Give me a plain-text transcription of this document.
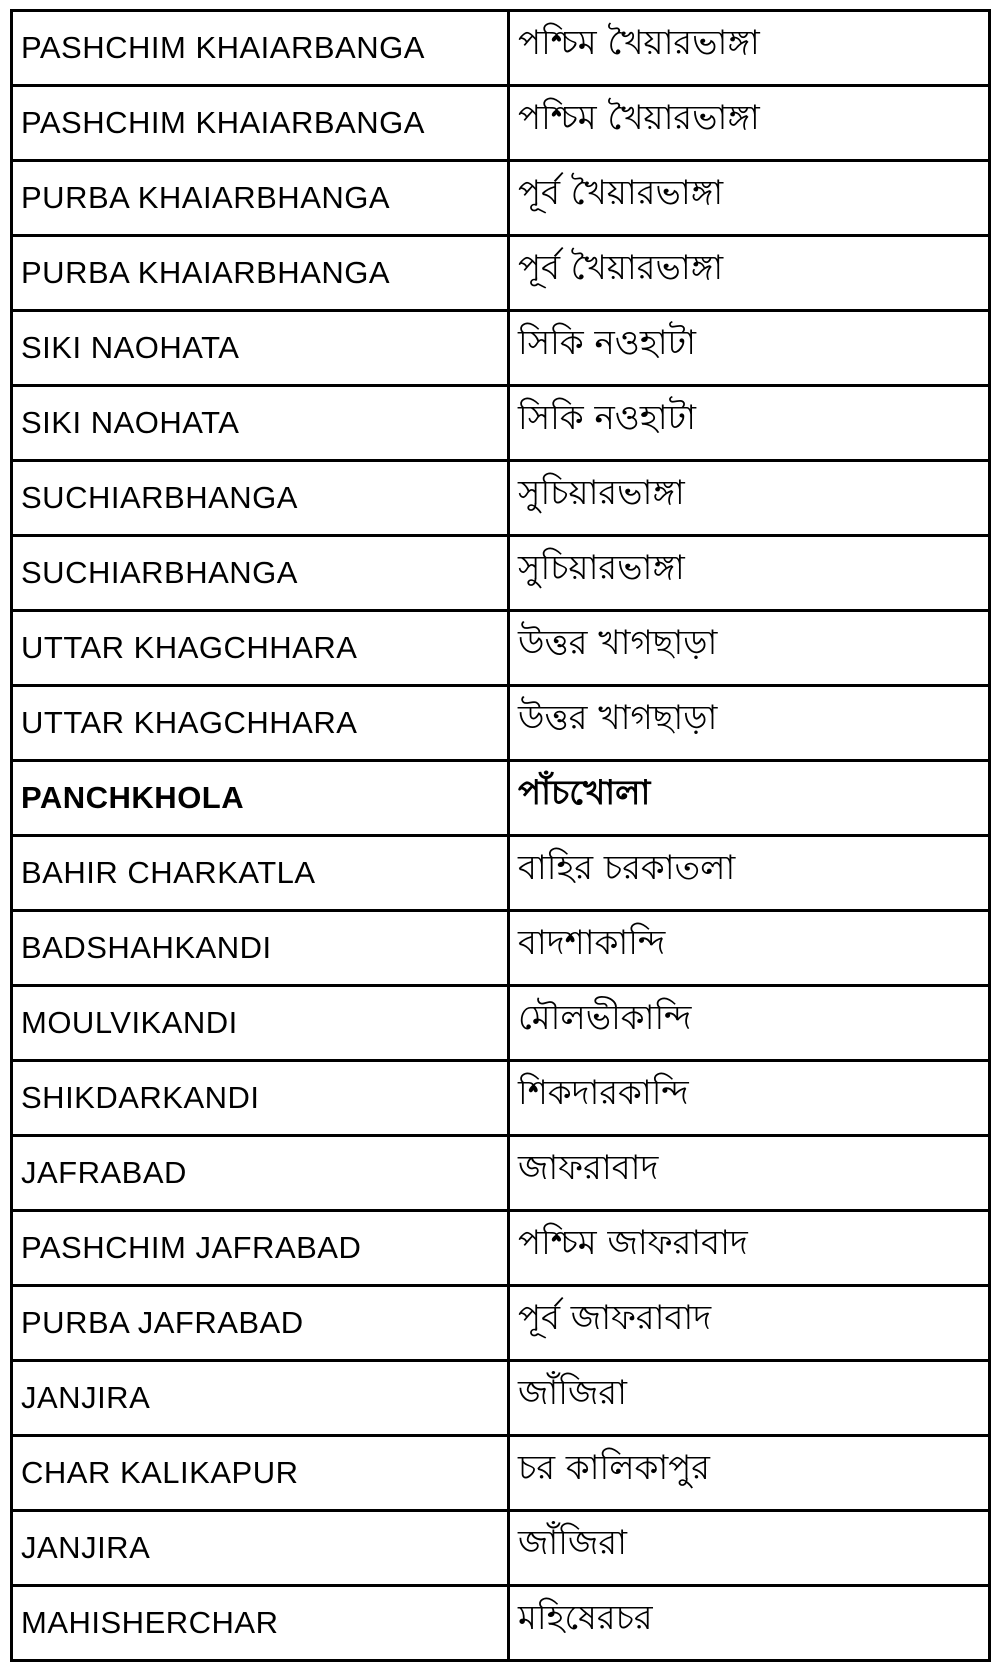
PASHCHIM KHAIARBANGA	পশ্চিম খৈয়ারভাঙ্গা
PASHCHIM KHAIARBANGA	পশ্চিম খৈয়ারভাঙ্গা
PURBA KHAIARBHANGA	পূর্ব খৈয়ারভাঙ্গা
PURBA KHAIARBHANGA	পূর্ব খৈয়ারভাঙ্গা
SIKI NAOHATA	সিকি নওহাটা
SIKI NAOHATA	সিকি নওহাটা
SUCHIARBHANGA	সুচিয়ারভাঙ্গা
SUCHIARBHANGA	সুচিয়ারভাঙ্গা
UTTAR KHAGCHHARA	উত্তর খাগছাড়া
UTTAR KHAGCHHARA	উত্তর খাগছাড়া
PANCHKHOLA	পাঁচখোলা
BAHIR CHARKATLA	বাহির চরকাতলা
BADSHAHKANDI	বাদশাকান্দি
MOULVIKANDI	মৌলভীকান্দি
SHIKDARKANDI	শিকদারকান্দি
JAFRABAD	জাফরাবাদ
PASHCHIM JAFRABAD	পশ্চিম জাফরাবাদ
PURBA JAFRABAD	পূর্ব জাফরাবাদ
JANJIRA	জাঁজিরা
CHAR KALIKAPUR	চর কালিকাপুর
JANJIRA	জাঁজিরা
MAHISHERCHAR	মহিষেরচর
